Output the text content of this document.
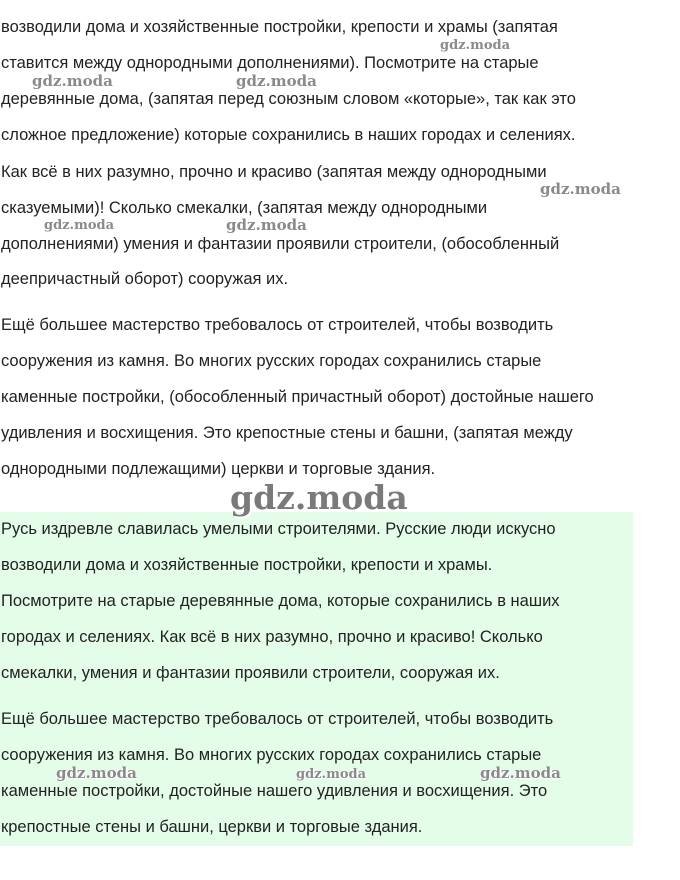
возводили дома и хозяйственные постройки, крепости и храмы (запятая
ставится между однородными дополнениями). Посмотрите на старые
деревянные дома, (запятая перед союзным словом «которые», так как это
сложное предложение) которые сохранились в наших городах и селениях.
Как всё в них разумно, прочно и красиво (запятая между однородными
сказуемыми)! Сколько смекалки, (запятая между однородными
дополнениями) умения и фантазии проявили строители, (обособленный
деепричастный оборот) сооружая их.
Ещё большее мастерство требовалось от строителей, чтобы возводить
сооружения из камня. Во многих русских городах сохранились старые
каменные постройки, (обособленный причастный оборот) достойные нашего
удивления и восхищения. Это крепостные стены и башни, (запятая между
однородными подлежащими) церкви и торговые здания.
Русь издревле славилась умелыми строителями. Русские люди искусно
возводили дома и хозяйственные постройки, крепости и храмы.
Посмотрите на старые деревянные дома, которые сохранились в наших
городах и селениях. Как всё в них разумно, прочно и красиво! Сколько
смекалки, умения и фантазии проявили строители, сооружая их.
Ещё большее мастерство требовалось от строителей, чтобы возводить
сооружения из камня. Во многих русских городах сохранились старые
каменные постройки, достойные нашего удивления и восхищения. Это
крепостные стены и башни, церкви и торговые здания.
gdz.moda
gdz.moda	gdz.moda
gdz.moda
gdz.moda	gdz.moda
gdz.moda
gdz.moda	gdz.moda	gdz.moda
